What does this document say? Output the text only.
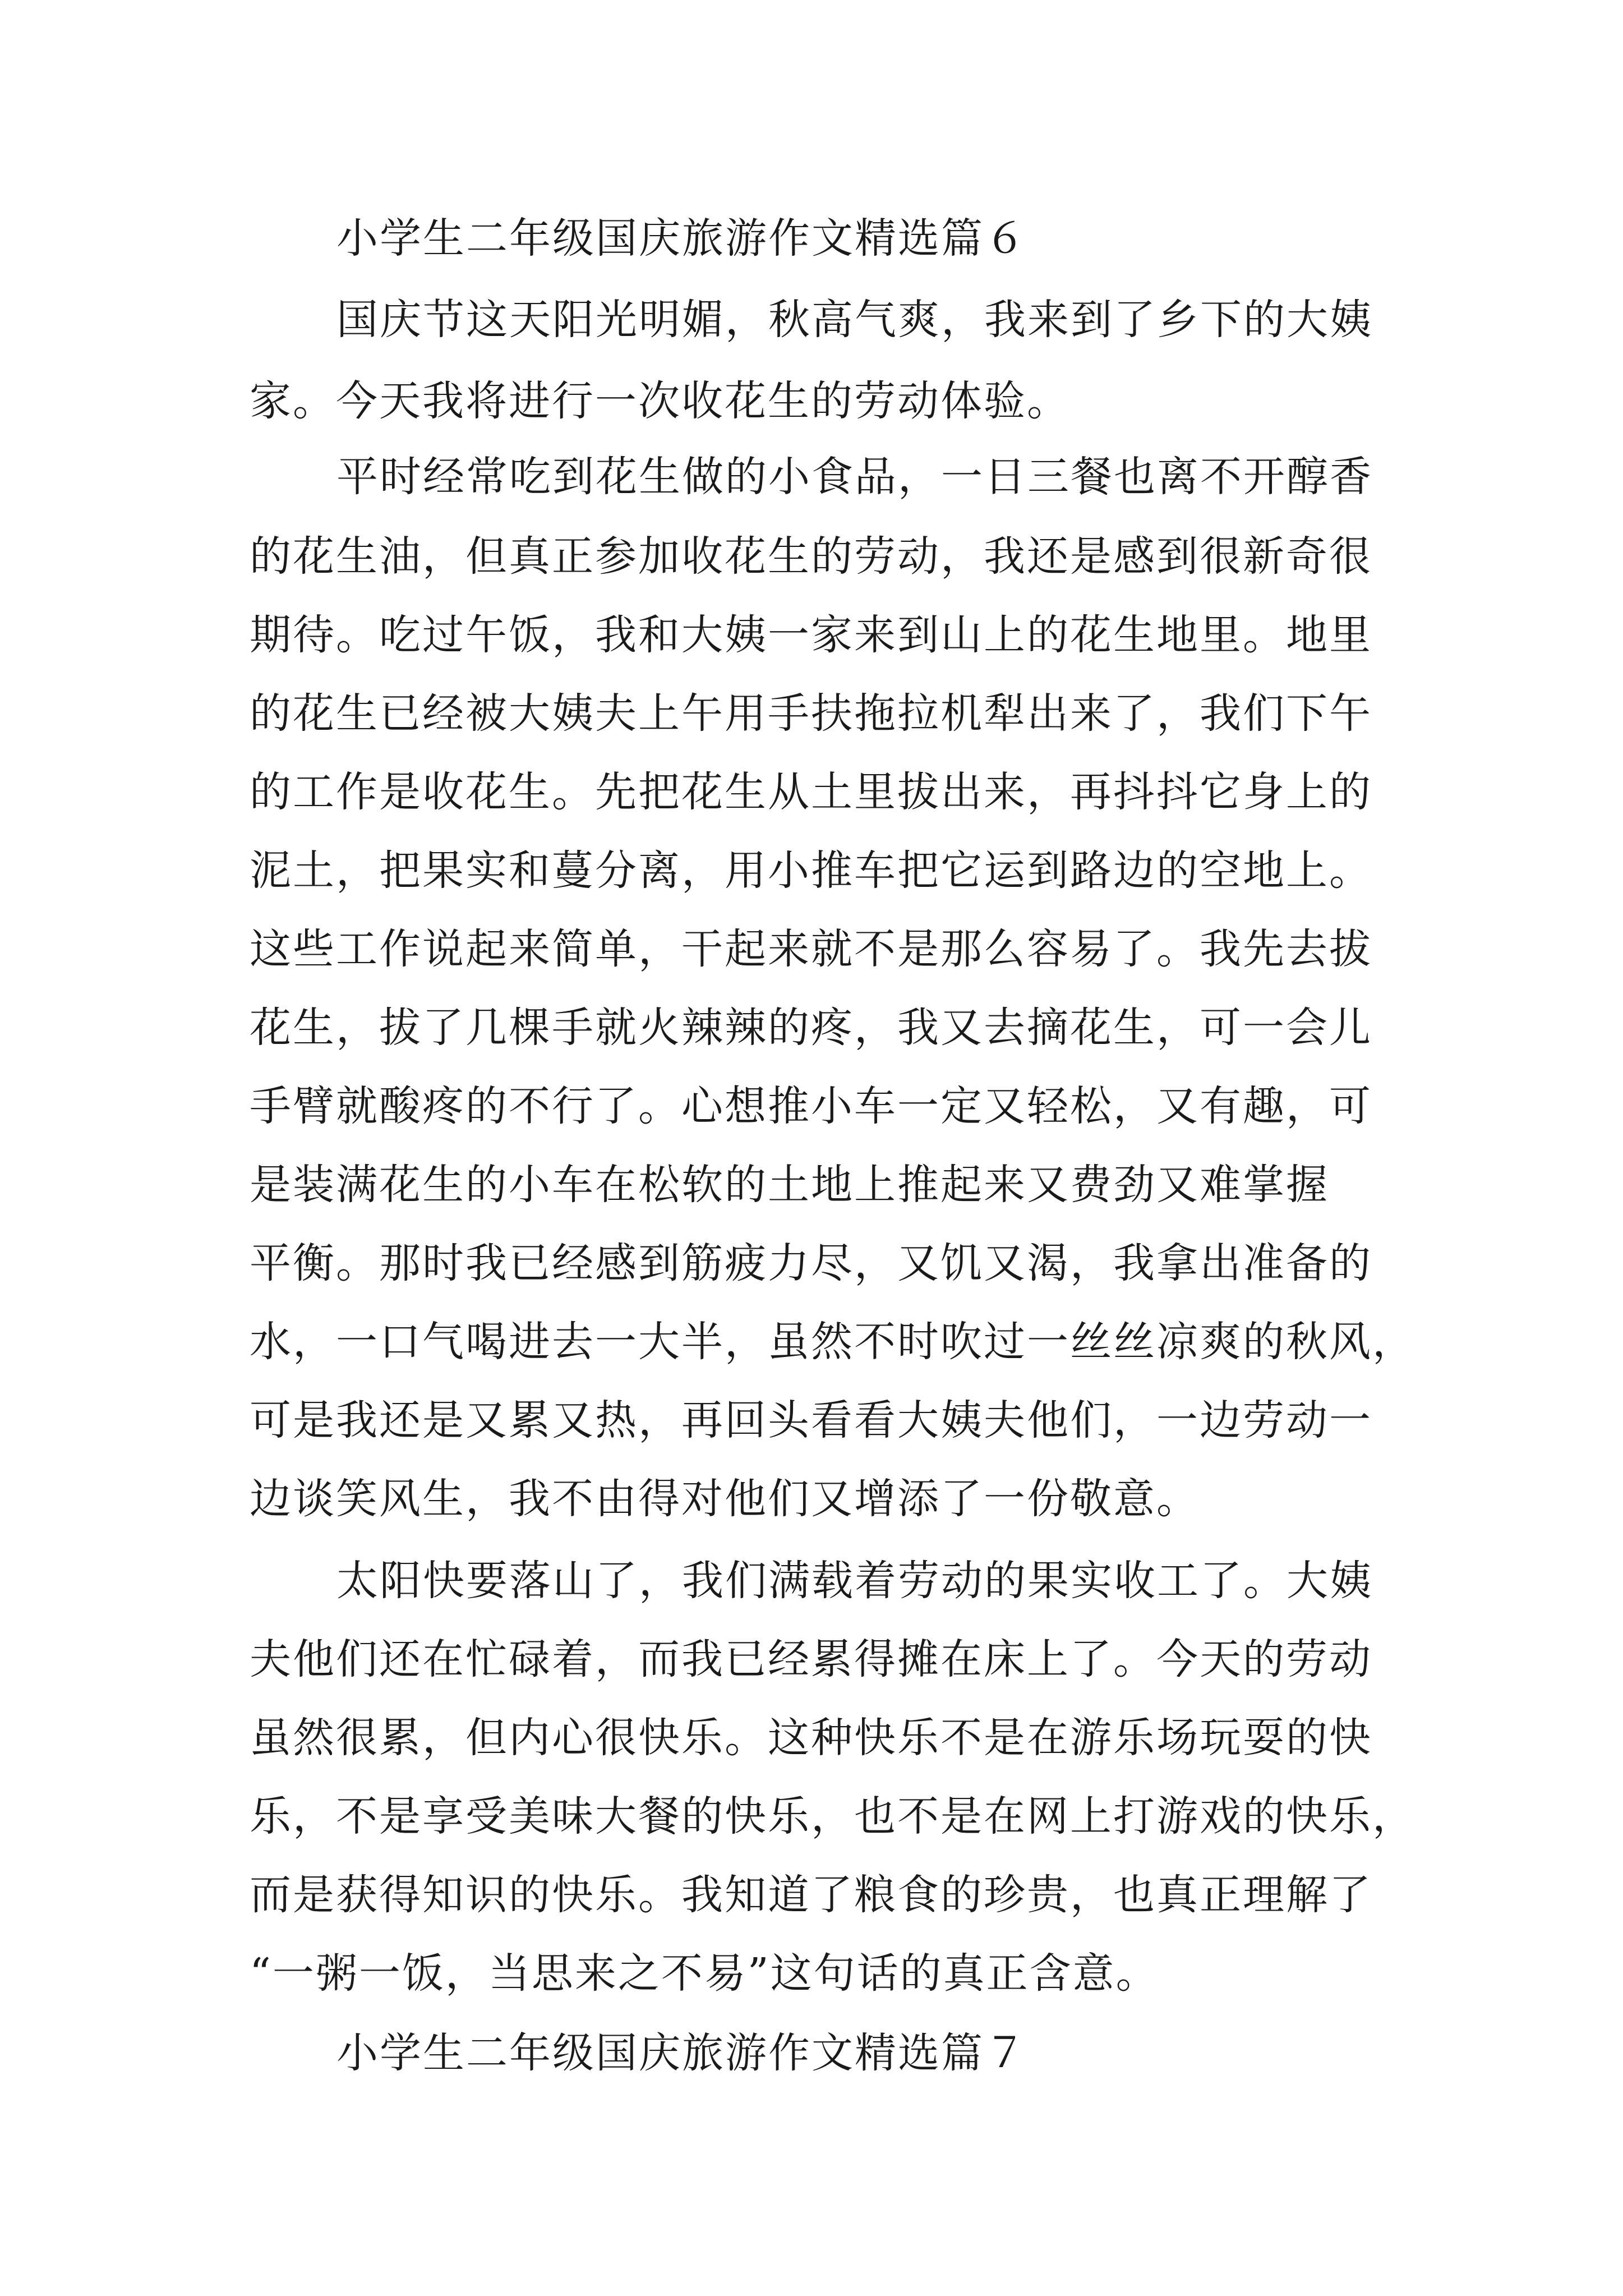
小学生二年级国庆旅游作文精选篇６
国庆节这天阳光明媚，秋高气爽，我来到了乡下的大姨
家。今天我将进行一次收花生的劳动体验。
平时经常吃到花生做的小食品，一日三餐也离不开醇香
的花生油，但真正参加收花生的劳动，我还是感到很新奇很
期待。吃过午饭，我和大姨一家来到山上的花生地里。地里
的花生已经被大姨夫上午用手扶拖拉机犁出来了，我们下午
的工作是收花生。先把花生从土里拔出来，再抖抖它身上的
泥土，把果实和蔓分离，用小推车把它运到路边的空地上。
这些工作说起来简单，干起来就不是那么容易了。我先去拔
花生，拔了几棵手就火辣辣的疼，我又去摘花生，可一会儿
手臂就酸疼的不行了。心想推小车一定又轻松，又有趣，可
是装满花生的小车在松软的土地上推起来又费劲又难掌握
平衡。那时我已经感到筋疲力尽，又饥又渴，我拿出准备的
水，一口气喝进去一大半，虽然不时吹过一丝丝凉爽的秋风，
可是我还是又累又热，再回头看看大姨夫他们，一边劳动一
边谈笑风生，我不由得对他们又增添了一份敬意。
太阳快要落山了，我们满载着劳动的果实收工了。大姨
夫他们还在忙碌着，而我已经累得摊在床上了。今天的劳动
虽然很累，但内心很快乐。这种快乐不是在游乐场玩耍的快
乐，不是享受美味大餐的快乐，也不是在网上打游戏的快乐，
而是获得知识的快乐。我知道了粮食的珍贵，也真正理解了
“一粥一饭，当思来之不易”这句话的真正含意。
小学生二年级国庆旅游作文精选篇７
